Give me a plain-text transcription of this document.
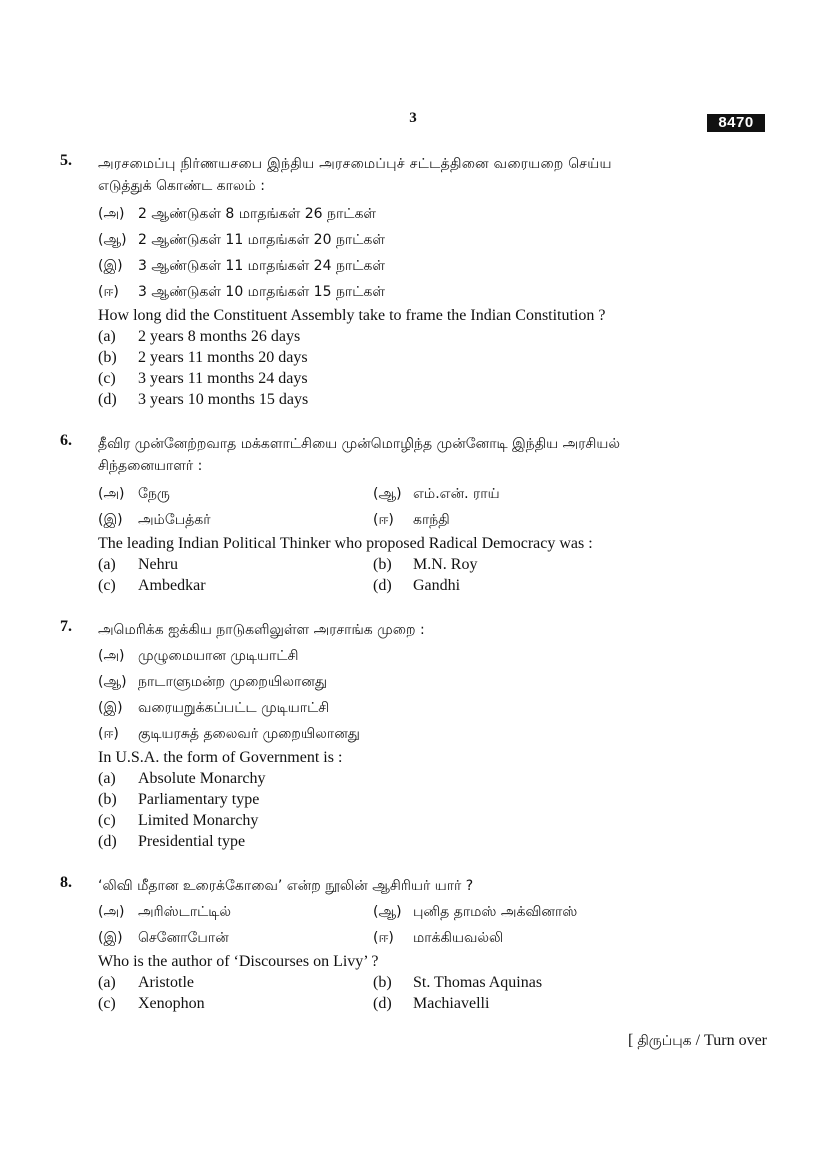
3	8470
5. அரசமைப்பு நிர்ணயசபை இந்திய அரசமைப்புச் சட்டத்தினை வரையறை செய்ய
எடுத்துக் கொண்ட காலம் :
(அ) 2 ஆண்டுகள் 8 மாதங்கள் 26 நாட்கள்
(ஆ) 2 ஆண்டுகள் 11 மாதங்கள் 20 நாட்கள்
(இ)	3 ஆண்டுகள் 11 மாதங்கள் 24 நாட்கள்
(ஈ)	3 ஆண்டுகள் 10 மாதங்கள் 15 நாட்கள்
How long did the Constituent Assembly take to frame the Indian Constitution ?
(a)	2 years 8 months 26 days
(b)	2 years 11 months 20 days
(c)	3 years 11 months 24 days
(d)	3 years 10 months 15 days
6. தீவிர முன்னேற்றவாத மக்களாட்சியை முன்மொழிந்த முன்னோடி இந்திய அரசியல்
சிந்தனையாளர் :
(அ) நேரு	(ஆ) எம்.என். ராய்
(இ)	அம்பேத்கர்	(ஈ)	காந்தி
The leading Indian Political Thinker who proposed Radical Democracy was :
(a)	Nehru	(b)	M.N. Roy
(c)	Ambedkar	(d)	Gandhi
7. அமெரிக்க ஐக்கிய நாடுகளிலுள்ள அரசாங்க முறை :
(அ) முழுமையான முடியாட்சி
(ஆ) நாடாளுமன்ற முறையிலானது
(இ)	வரையறுக்கப்பட்ட முடியாட்சி
(ஈ)	குடியரசுத் தலைவர் முறையிலானது
In U.S.A. the form of Government is :
(a)	Absolute Monarchy
(b)	Parliamentary type
(c)	Limited Monarchy
(d)	Presidential type
8. ‘லிவி மீதான உரைக்கோவை’ என்ற நூலின் ஆசிரியர் யார் ?
(அ) அரிஸ்டாட்டில்	(ஆ) புனித தாமஸ் அக்வினாஸ்
(இ)	செனோபோன்	(ஈ)	மாக்கியவல்லி
Who is the author of ‘Discourses on Livy’ ?
(a)	Aristotle	(b)	St. Thomas Aquinas
(c)	Xenophon	(d)	Machiavelli
[ திருப்புக / Turn over
